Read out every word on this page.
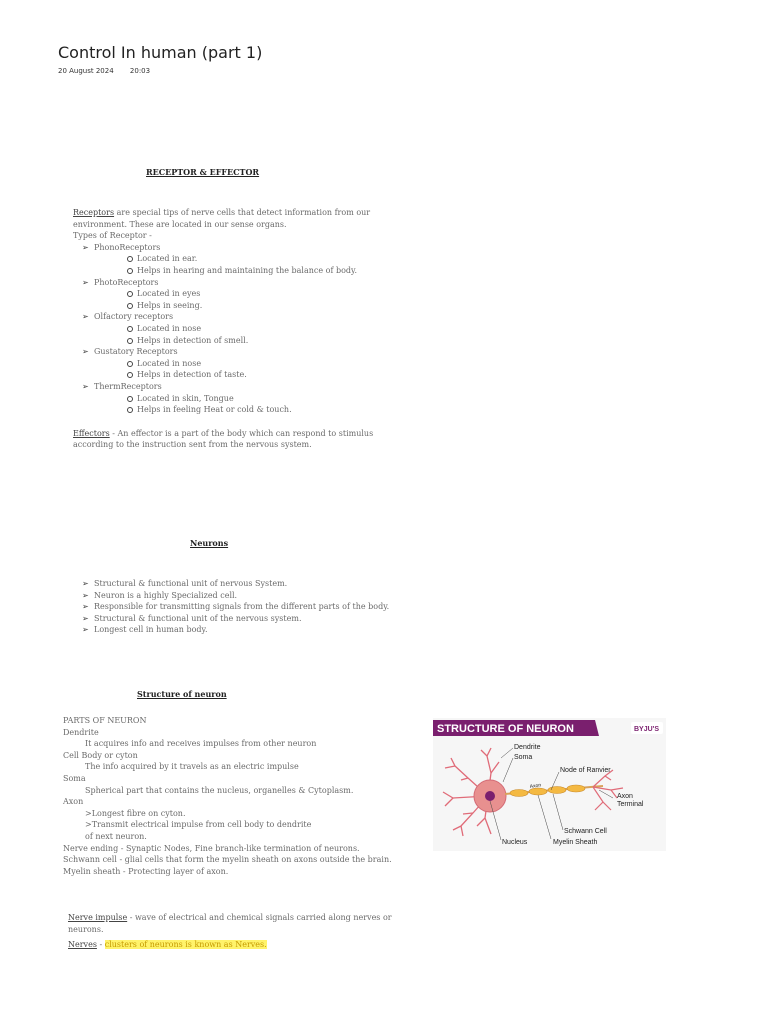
Control In human (part 1)
20 August 2024 20:03
RECEPTOR & EFFECTOR
Receptors are special tips of nerve cells that detect information from our
environment. These are located in our sense organs.
Types of Receptor -
➢ PhonoReceptors
Located in ear.
Helps in hearing and maintaining the balance of body.
➢ PhotoReceptors
Located in eyes
Helps in seeing.
➢ Olfactory receptors
Located in nose
Helps in detection of smell.
➢ Gustatory Receptors
Located in nose
Helps in detection of taste.
➢ ThermReceptors
Located in skin, Tongue
Helps in feeling Heat or cold & touch.
Effectors - An effector is a part of the body which can respond to stimulus
according to the instruction sent from the nervous system.
Neurons
➢ Structural & functional unit of nervous System.
➢ Neuron is a highly Specialized cell.
➢ Responsible for transmitting signals from the different parts of the body.
➢ Structural & functional unit of the nervous system.
➢ Longest cell in human body.
Structure of neuron
PARTS OF NEURON
Dendrite
It acquires info and receives impulses from other neuron
Cell Body or cyton
The info acquired by it travels as an electric impulse
Soma
Spherical part that contains the nucleus, organelles & Cytoplasm.
Axon
>Longest fibre on cyton.
>Transmit electrical impulse from cell body to dendrite
of next neuron.
Nerve ending - Synaptic Nodes, Fine branch-like termination of neurons.
Schwann cell - glial cells that form the myelin sheath on axons outside the brain.
Myelin sheath - Protecting layer of axon.
STRUCTURE OF NEURON	BYJU'S
Dendrite
Soma
Node of Ranvier
Axon
Terminal
Axon
Schwann Cell
Nucleus	Myelin Sheath
Nerve impulse - wave of electrical and chemical signals carried along nerves or
neurons.
Nerves - clusters of neurons is known as Nerves.
